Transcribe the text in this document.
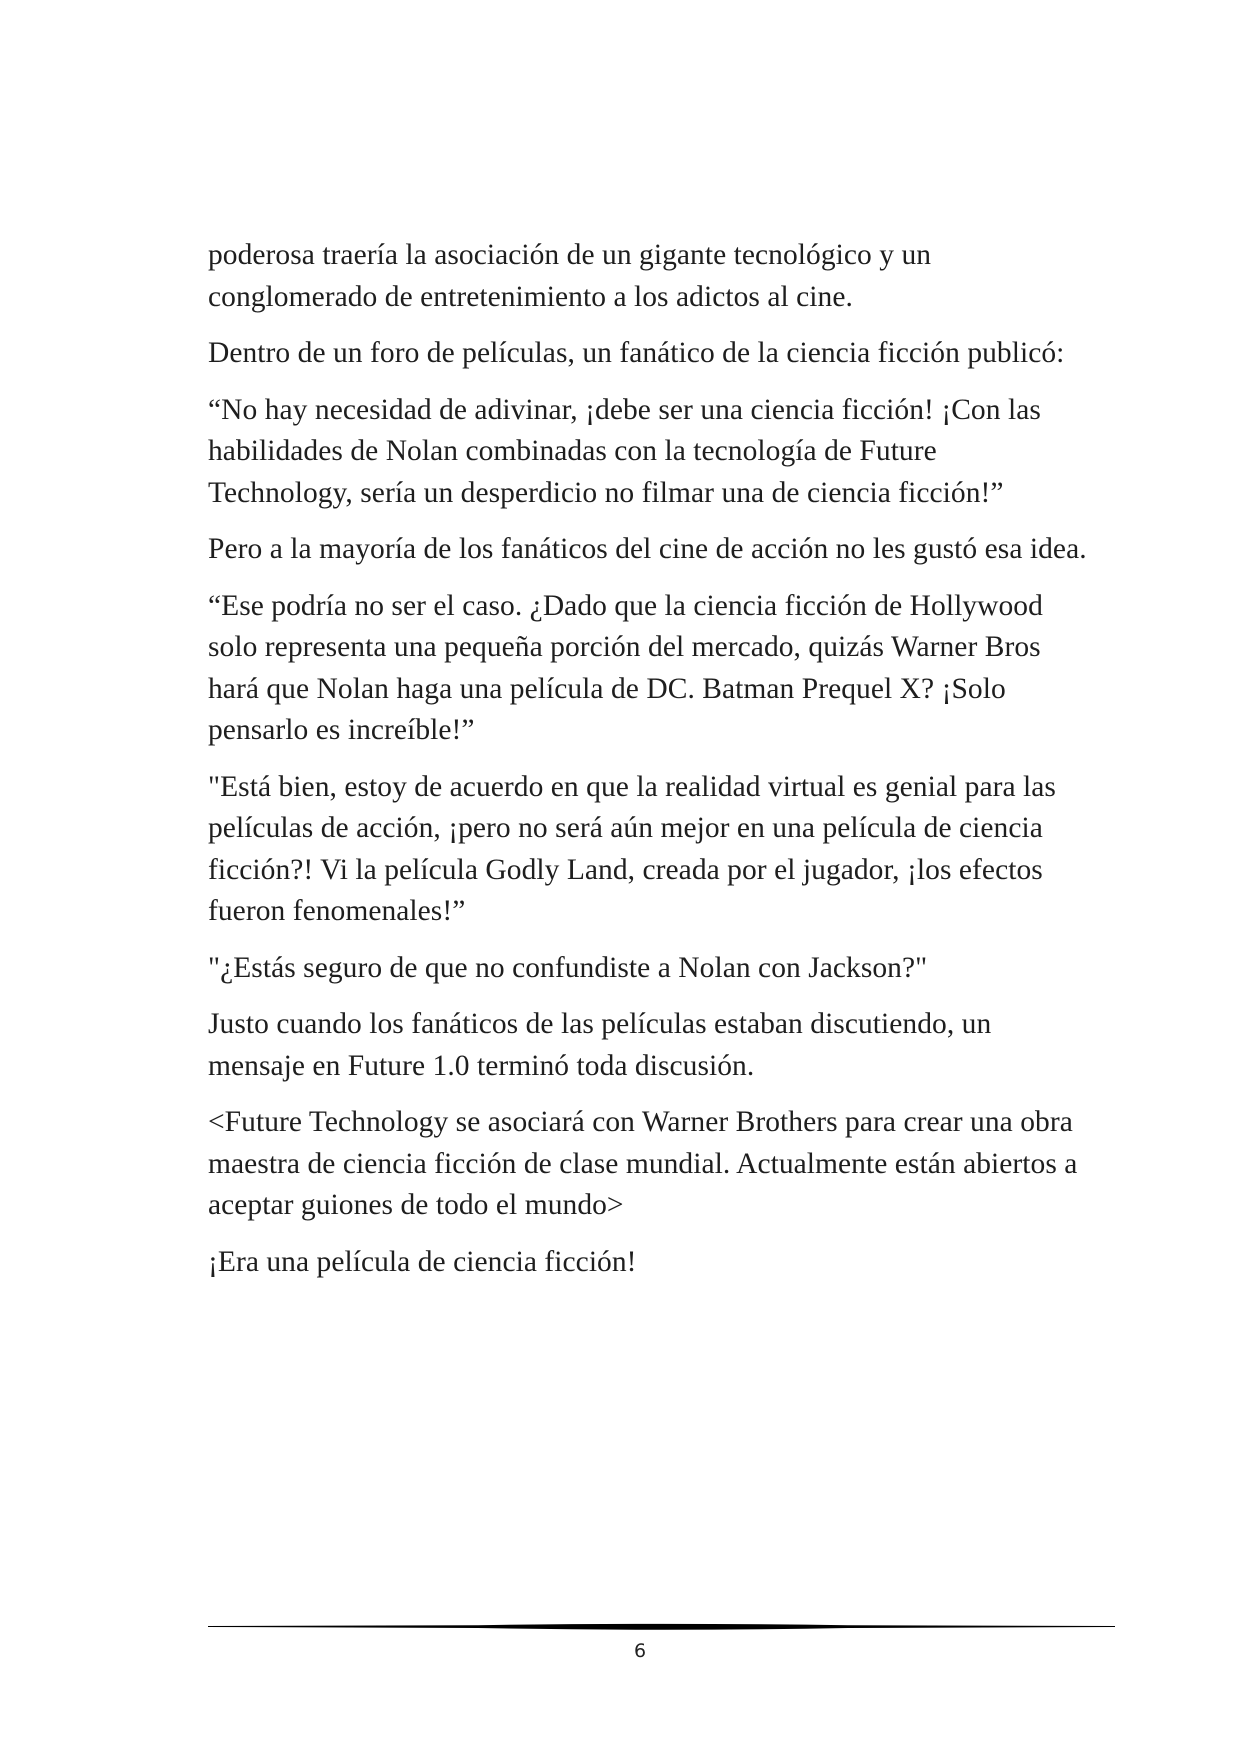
poderosa traería la asociación de un gigante tecnológico y un conglomerado de entretenimiento a los adictos al cine.

Dentro de un foro de películas, un fanático de la ciencia ficción publicó:

“No hay necesidad de adivinar, ¡debe ser una ciencia ficción! ¡Con las habilidades de Nolan combinadas con la tecnología de Future Technology, sería un desperdicio no filmar una de ciencia ficción!”

Pero a la mayoría de los fanáticos del cine de acción no les gustó esa idea.

“Ese podría no ser el caso. ¿Dado que la ciencia ficción de Hollywood solo representa una pequeña porción del mercado, quizás Warner Bros hará que Nolan haga una película de DC. Batman Prequel X? ¡Solo pensarlo es increíble!”

"Está bien, estoy de acuerdo en que la realidad virtual es genial para las películas de acción, ¡pero no será aún mejor en una película de ciencia ficción?! Vi la película Godly Land, creada por el jugador, ¡los efectos fueron fenomenales!”

"¿Estás seguro de que no confundiste a Nolan con Jackson?"

Justo cuando los fanáticos de las películas estaban discutiendo, un mensaje en Future 1.0 terminó toda discusión.

<Future Technology se asociará con Warner Brothers para crear una obra maestra de ciencia ficción de clase mundial. Actualmente están abiertos a aceptar guiones de todo el mundo>

¡Era una película de ciencia ficción!

6
